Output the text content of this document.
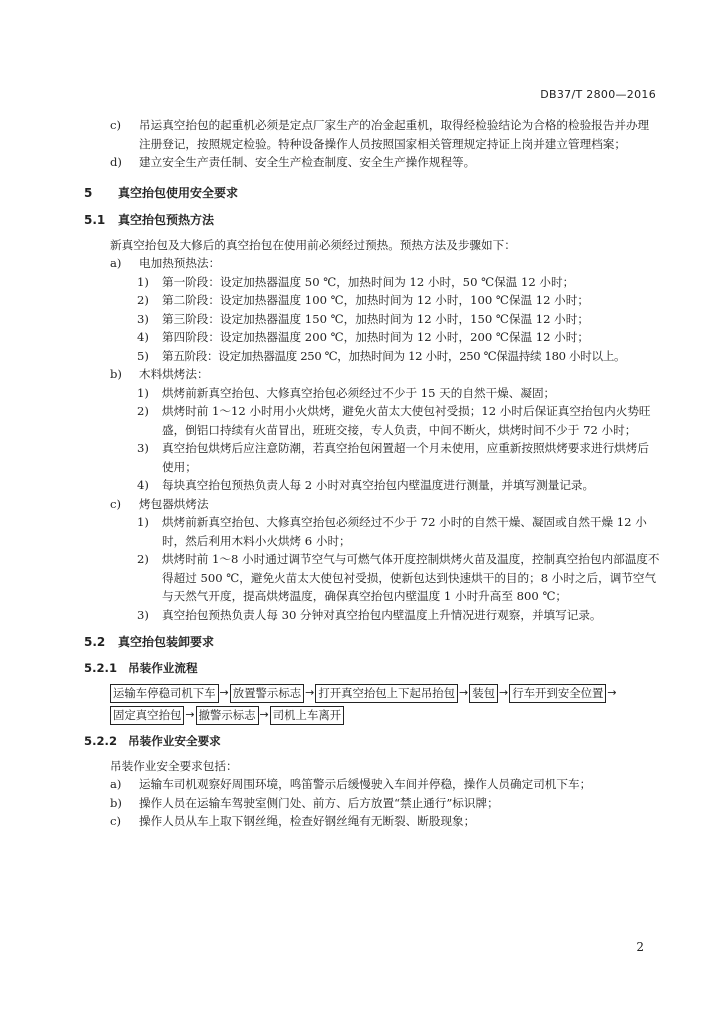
DB37/T 2800—2016
c)	吊运真空抬包的起重机必须是定点厂家生产的冶金起重机，取得经检验结论为合格的检验报告并办理注册登记，按照规定检验。特种设备操作人员按照国家相关管理规定持证上岗并建立管理档案；
d)	建立安全生产责任制、安全生产检查制度、安全生产操作规程等。
5 真空抬包使用安全要求
5.1 真空抬包预热方法
新真空抬包及大修后的真空抬包在使用前必须经过预热。预热方法及步骤如下：
a)	电加热预热法：
1)	第一阶段：设定加热器温度 50 ℃，加热时间为 12 小时，50 ℃保温 12 小时；
2)	第二阶段：设定加热器温度 100 ℃，加热时间为 12 小时，100 ℃保温 12 小时；
3)	第三阶段：设定加热器温度 150 ℃，加热时间为 12 小时，150 ℃保温 12 小时；
4)	第四阶段：设定加热器温度 200 ℃，加热时间为 12 小时，200 ℃保温 12 小时；
5)	第五阶段：设定加热器温度 250 ℃，加热时间为 12 小时，250 ℃保温持续 180 小时以上。
b)	木料烘烤法：
1)	烘烤前新真空抬包、大修真空抬包必须经过不少于 15 天的自然干燥、凝固；
2)	烘烤时前 1～12 小时用小火烘烤，避免火苗太大使包衬受损；12 小时后保证真空抬包内火势旺盛，倒铝口持续有火苗冒出，班班交接，专人负责，中间不断火，烘烤时间不少于 72 小时；
3)	真空抬包烘烤后应注意防潮，若真空抬包闲置超一个月未使用，应重新按照烘烤要求进行烘烤后使用；
4)	每块真空抬包预热负责人每 2 小时对真空抬包内壁温度进行测量，并填写测量记录。
c)	烤包器烘烤法
1)	烘烤前新真空抬包、大修真空抬包必须经过不少于 72 小时的自然干燥、凝固或自然干燥 12 小时，然后利用木料小火烘烤 6 小时；
2)	烘烤时前 1～8 小时通过调节空气与可燃气体开度控制烘烤火苗及温度，控制真空抬包内部温度不得超过 500 ℃，避免火苗太大使包衬受损，使新包达到快速烘干的目的；8 小时之后，调节空气与天然气开度，提高烘烤温度，确保真空抬包内壁温度 1 小时升高至 800 ℃；
3)	真空抬包预热负责人每 30 分钟对真空抬包内壁温度上升情况进行观察，并填写记录。
5.2 真空抬包装卸要求
5.2.1 吊装作业流程
运输车停稳司机下车 → 放置警示标志 → 打开真空抬包上下起吊抬包 → 装包 → 行车开到安全位置 →
固定真空抬包 → 撤警示标志 → 司机上车离开
5.2.2 吊装作业安全要求
吊装作业安全要求包括：
a)	运输车司机观察好周围环境，鸣笛警示后缓慢驶入车间并停稳，操作人员确定司机下车；
b)	操作人员在运输车驾驶室侧门处、前方、后方放置“禁止通行”标识牌；
c)	操作人员从车上取下钢丝绳，检查好钢丝绳有无断裂、断股现象；
2
